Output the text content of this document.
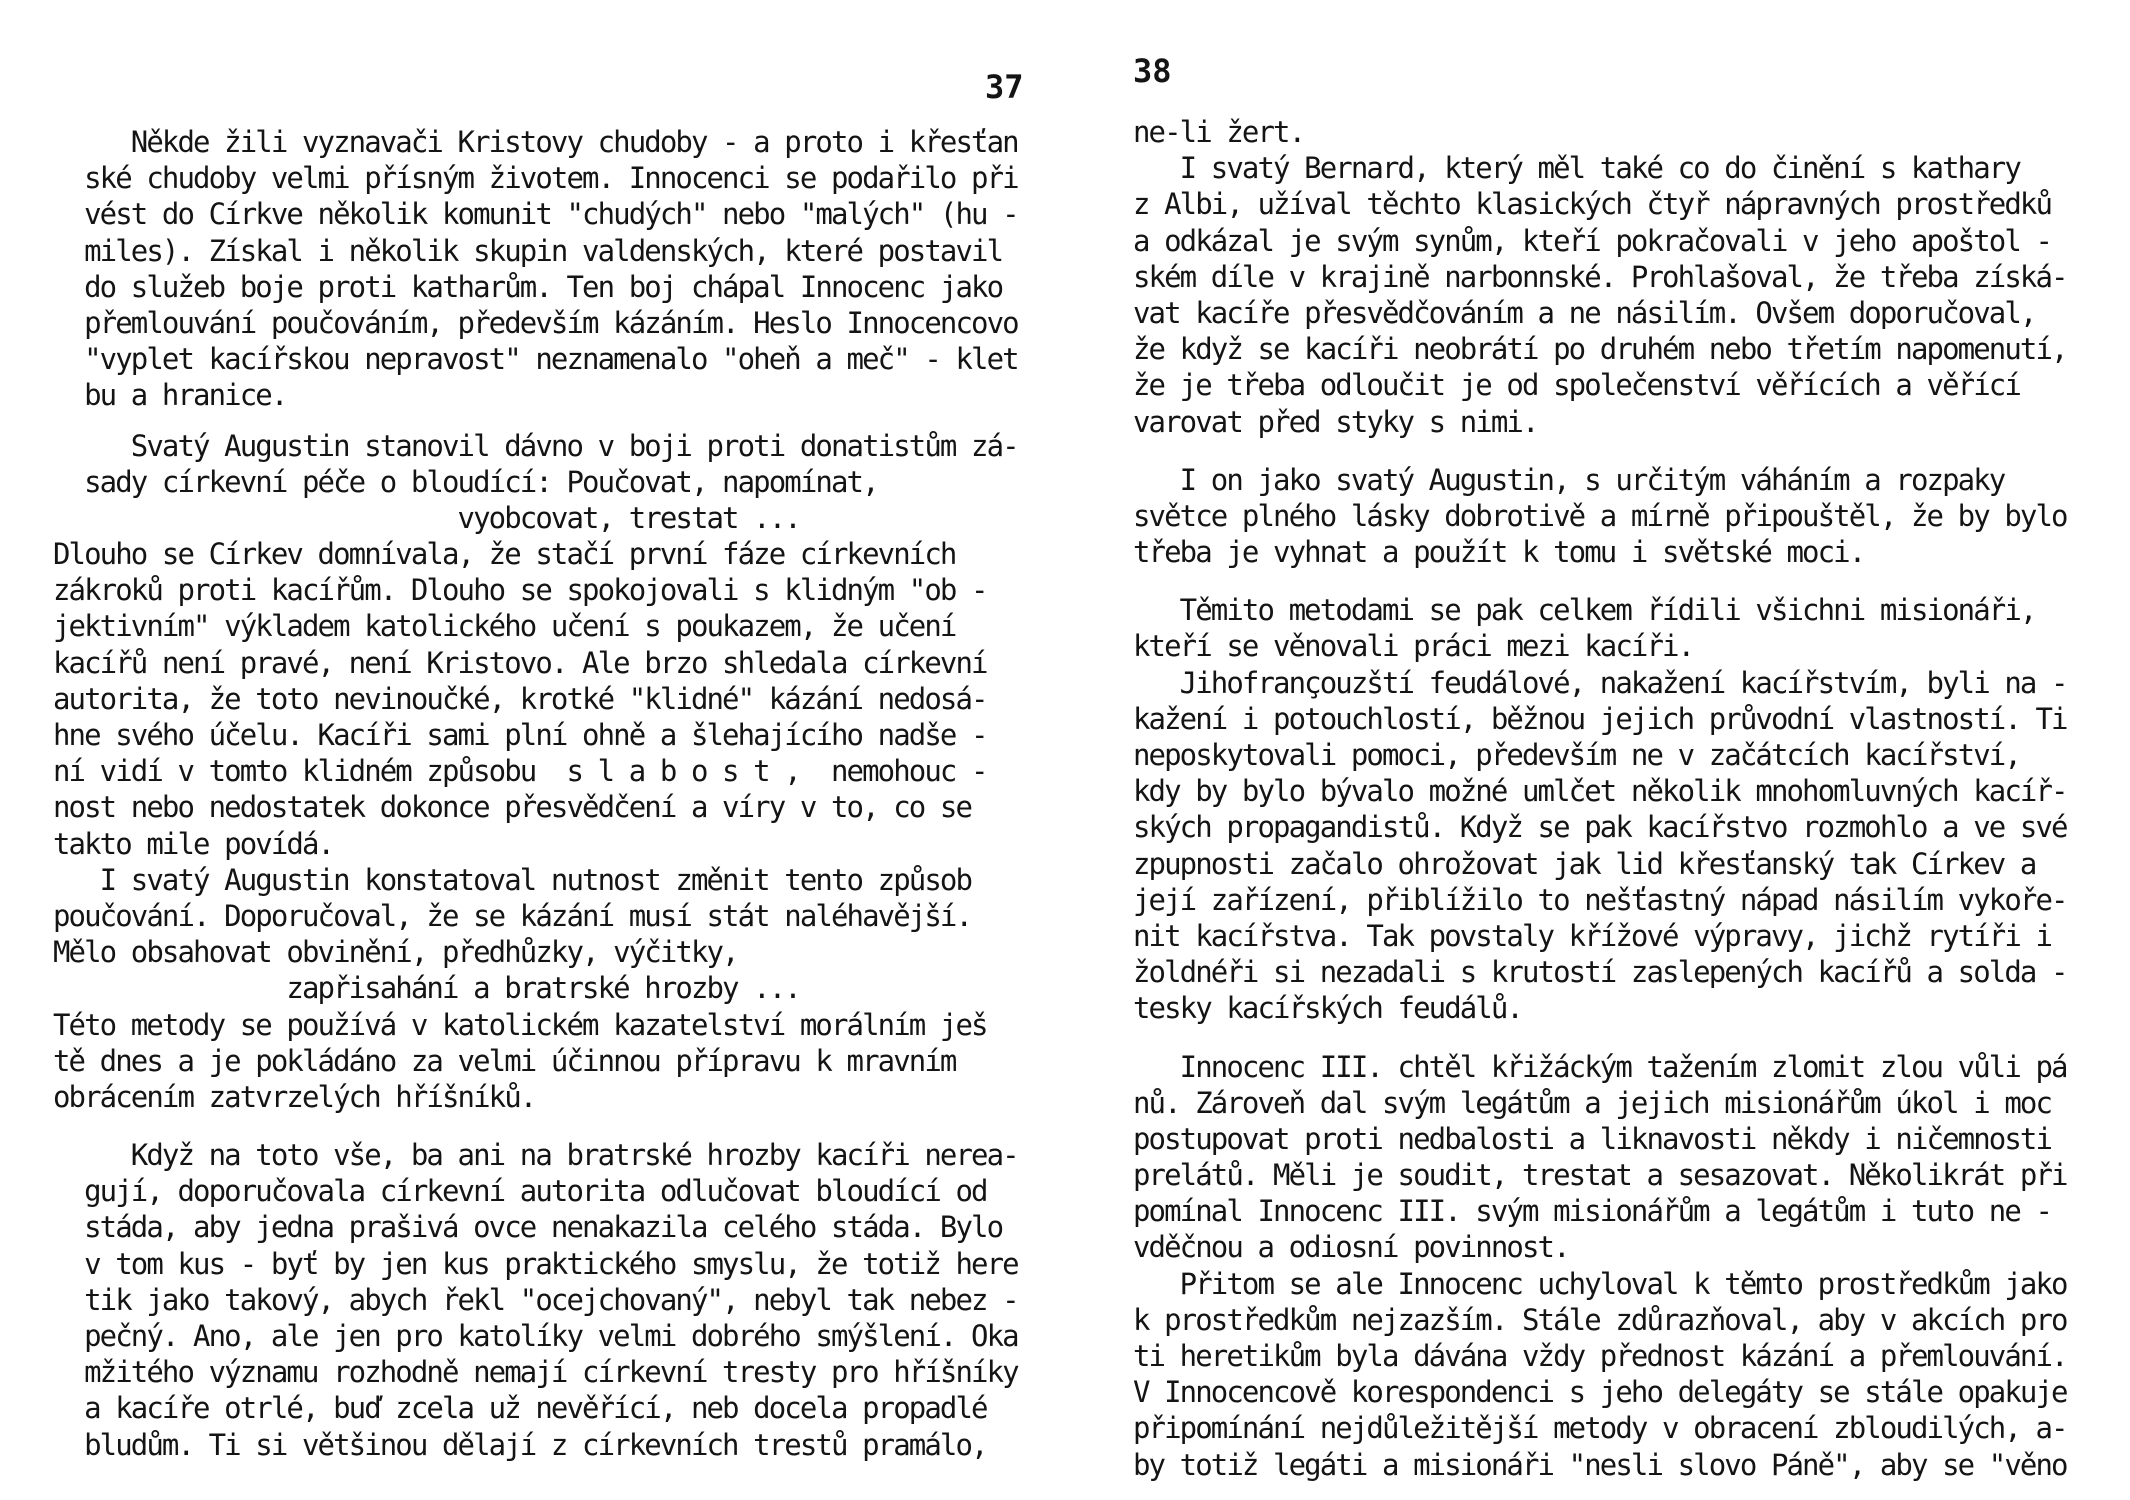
37
Někde žili vyznavači Kristovy chudoby - a proto i křesťan
ské chudoby velmi přísným životem. Innocenci se podařilo při
vést do Církve několik komunit "chudých" nebo "malých" (hu -
miles). Získal i několik skupin valdenských, které postavil
do služeb boje proti katharům. Ten boj chápal Innocenc jako
přemlouvání poučováním, především kázáním. Heslo Innocencovo
"vyplet kacířskou nepravost" neznamenalo "oheň a meč" - klet
bu a hranice.
Svatý Augustin stanovil dávno v boji proti donatistům zá-
sady církevní péče o bloudící: Poučovat, napomínat,
vyobcovat, trestat ...
Dlouho se Církev domnívala, že stačí první fáze církevních
zákroků proti kacířům. Dlouho se spokojovali s klidným "ob -
jektivním" výkladem katolického učení s poukazem, že učení
kacířů není pravé, není Kristovo. Ale brzo shledala církevní
autorita, že toto nevinoučké, krotké "klidné" kázání nedosá-
hne svého účelu. Kacíři sami plní ohně a šlehajícího nadše -
ní vidí v tomto klidném způsobu  s l a b o s t ,  nemohouc -
nost nebo nedostatek dokonce přesvědčení a víry v to, co se
takto mile povídá.
I svatý Augustin konstatoval nutnost změnit tento způsob
poučování. Doporučoval, že se kázání musí stát naléhavější.
Mělo obsahovat obvinění, předhůzky, výčitky,
zapřisahání a bratrské hrozby ...
Této metody se používá v katolickém kazatelství morálním ješ
tě dnes a je pokládáno za velmi účinnou přípravu k mravním
obrácením zatvrzelých hříšníků.
Když na toto vše, ba ani na bratrské hrozby kacíři nerea-
gují, doporučovala církevní autorita odlučovat bloudící od
stáda, aby jedna prašivá ovce nenakazila celého stáda. Bylo
v tom kus - byť by jen kus praktického smyslu, že totiž here
tik jako takový, abych řekl "ocejchovaný", nebyl tak nebez -
pečný. Ano, ale jen pro katolíky velmi dobrého smýšlení. Oka
mžitého významu rozhodně nemají církevní tresty pro hříšníky
a kacíře otrlé, buď zcela už nevěřící, neb docela propadlé
bludům. Ti si většinou dělají z církevních trestů pramálo,
38
ne-li žert.
I svatý Bernard, který měl také co do činění s kathary
z Albi, užíval těchto klasických čtyř nápravných prostředků
a odkázal je svým synům, kteří pokračovali v jeho apoštol -
ském díle v krajině narbonnské. Prohlašoval, že třeba získá-
vat kacíře přesvědčováním a ne násilím. Ovšem doporučoval,
že když se kacíři neobrátí po druhém nebo třetím napomenutí,
že je třeba odloučit je od společenství věřících a věřící
varovat před styky s nimi.
I on jako svatý Augustin, s určitým váháním a rozpaky
světce plného lásky dobrotivě a mírně připouštěl, že by bylo
třeba je vyhnat a použít k tomu i světské moci.
Těmito metodami se pak celkem řídili všichni misionáři,
kteří se věnovali práci mezi kacíři.
Jihofrançouzští feudálové, nakažení kacířstvím, byli na -
kažení i potouchlostí, běžnou jejich průvodní vlastností. Ti
neposkytovali pomoci, především ne v začátcích kacířství,
kdy by bylo bývalo možné umlčet několik mnohomluvných kacíř-
ských propagandistů. Když se pak kacířstvo rozmohlo a ve své
zpupnosti začalo ohrožovat jak lid křesťanský tak Církev a
její zařízení, přiblížilo to nešťastný nápad násilím vykoře-
nit kacířstva. Tak povstaly křížové výpravy, jichž rytíři i
žoldnéři si nezadali s krutostí zaslepených kacířů a solda -
tesky kacířských feudálů.
Innocenc III. chtěl křižáckým tažením zlomit zlou vůli pá
nů. Zároveň dal svým legátům a jejich misionářům úkol i moc
postupovat proti nedbalosti a liknavosti někdy i ničemnosti
prelátů. Měli je soudit, trestat a sesazovat. Několikrát při
pomínal Innocenc III. svým misionářům a legátům i tuto ne -
vděčnou a odiosní povinnost.
Přitom se ale Innocenc uchyloval k těmto prostředkům jako
k prostředkům nejzazším. Stále zdůrazňoval, aby v akcích pro
ti heretikům byla dávána vždy přednost kázání a přemlouvání.
V Innocencově korespondenci s jeho delegáty se stále opakuje
připomínání nejdůležitější metody v obracení zbloudilých, a-
by totiž legáti a misionáři "nesli slovo Páně", aby se "věno
